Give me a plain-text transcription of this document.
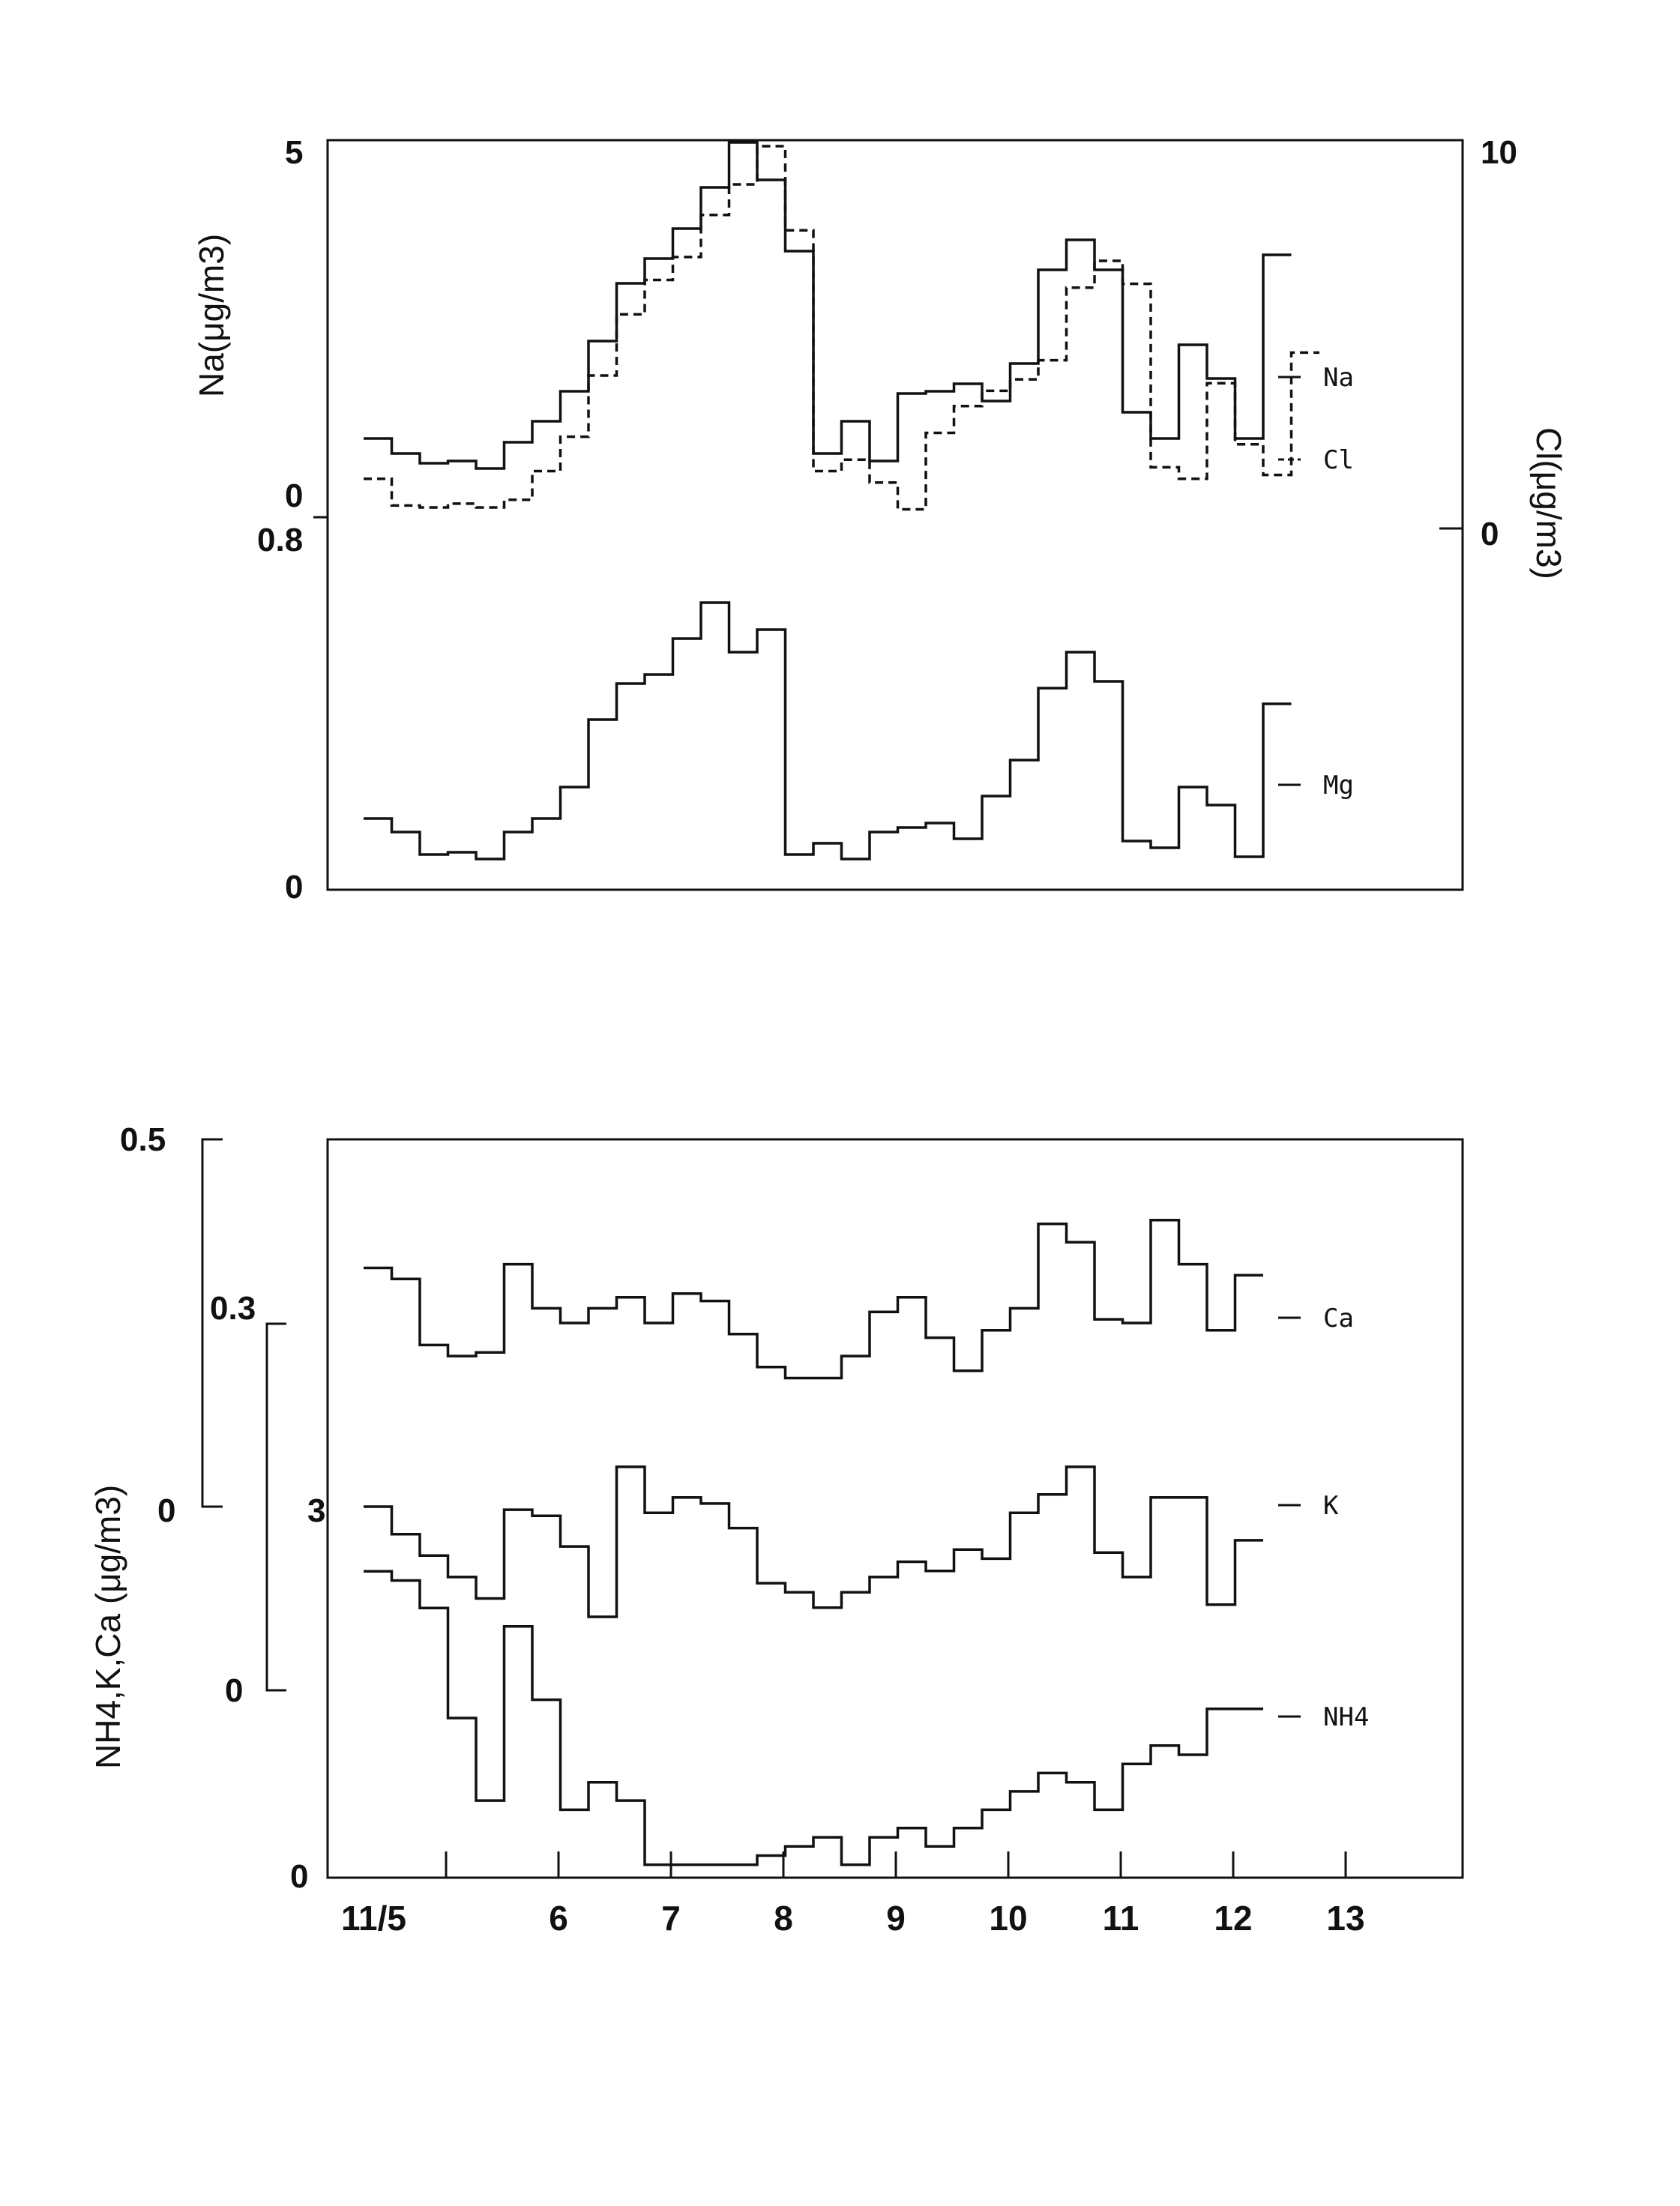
5
0
0.8
0
10
0
Na(μg/m3)
Cl(μg/m3)
0.5
0
0.3
0
3
0
NH4,K,Ca (μg/m3)
11/5	6	7	8	9 10 11 12 13
Na
Cl
Mg
Ca
K
NH4
